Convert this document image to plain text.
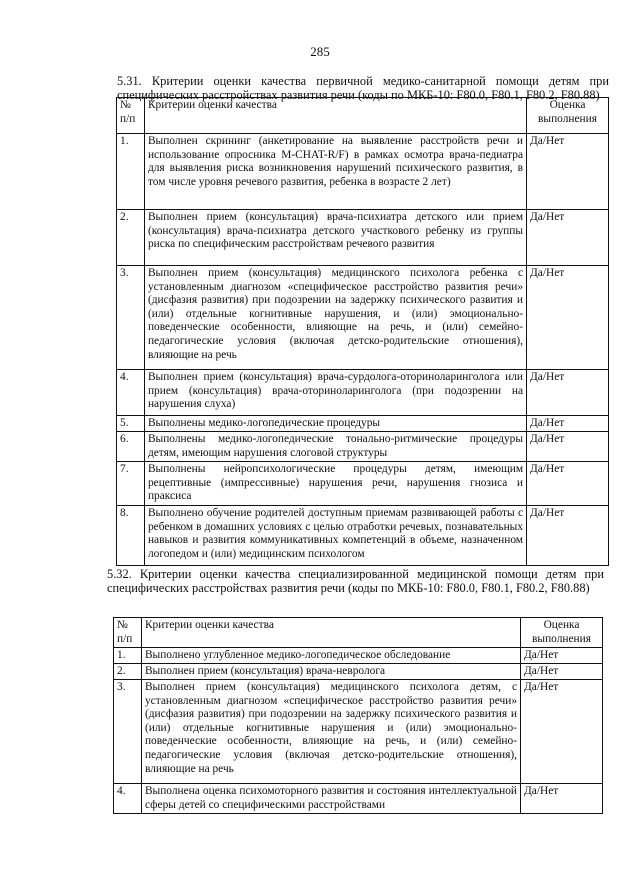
285
5.31. Критерии оценки качества первичной медико-санитарной помощи детям при специфических расстройствах развития речи (коды по МКБ-10: F80.0, F80.1, F80.2, F80.88)
№ п/п	Критерии оценки качества	Оценка выполнения
1.	Выполнен скрининг (анкетирование на выявление расстройств речи и использование опросника M-CHAT-R/F) в рамках осмотра врача-педиатра для выявления риска возникновения нарушений психического развития, в том числе уровня речевого развития, ребенка в возрасте 2 лет)	Да/Нет
2.	Выполнен прием (консультация) врача-психиатра детского или прием (консультация) врача-психиатра детского участкового ребенку из группы риска по специфическим расстройствам речевого развития	Да/Нет
3.	Выполнен прием (консультация) медицинского психолога ребенка с установленным диагнозом «специфическое расстройство развития речи» (дисфазия развития) при подозрении на задержку психического развития и (или) отдельные когнитивные нарушения, и (или) эмоционально-поведенческие особенности, влияющие на речь, и (или) семейно-педагогические условия (включая детско-родительские отношения), влияющие на речь	Да/Нет
4.	Выполнен прием (консультация) врача-сурдолога-оториноларинголога или прием (консультация) врача-оториноларинголога (при подозрении на нарушения слуха)	Да/Нет
5.	Выполнены медико-логопедические процедуры	Да/Нет
6.	Выполнены медико-логопедические тонально-ритмические процедуры детям, имеющим нарушения слоговой структуры	Да/Нет
7.	Выполнены нейропсихологические процедуры детям, имеющим рецептивные (импрессивные) нарушения речи, нарушения гнозиса и праксиса	Да/Нет
8.	Выполнено обучение родителей доступным приемам развивающей работы с ребенком в домашних условиях с целью отработки речевых, познавательных навыков и развития коммуникативных компетенций в объеме, назначенном логопедом и (или) медицинским психологом	Да/Нет
5.32. Критерии оценки качества специализированной медицинской помощи детям при специфических расстройствах развития речи (коды по МКБ-10: F80.0, F80.1, F80.2, F80.88)
№ п/п	Критерии оценки качества	Оценка выполнения
1.	Выполнено углубленное медико-логопедическое обследование	Да/Нет
2.	Выполнен прием (консультация) врача-невролога	Да/Нет
3.	Выполнен прием (консультация) медицинского психолога детям, с установленным диагнозом «специфическое расстройство развития речи» (дисфазия развития) при подозрении на задержку психического развития и (или) отдельные когнитивные нарушения и (или) эмоционально-поведенческие особенности, влияющие на речь, и (или) семейно-педагогические условия (включая детско-родительские отношения), влияющие на речь	Да/Нет
4.	Выполнена оценка психомоторного развития и состояния интеллектуальной сферы детей со специфическими расстройствами	Да/Нет
